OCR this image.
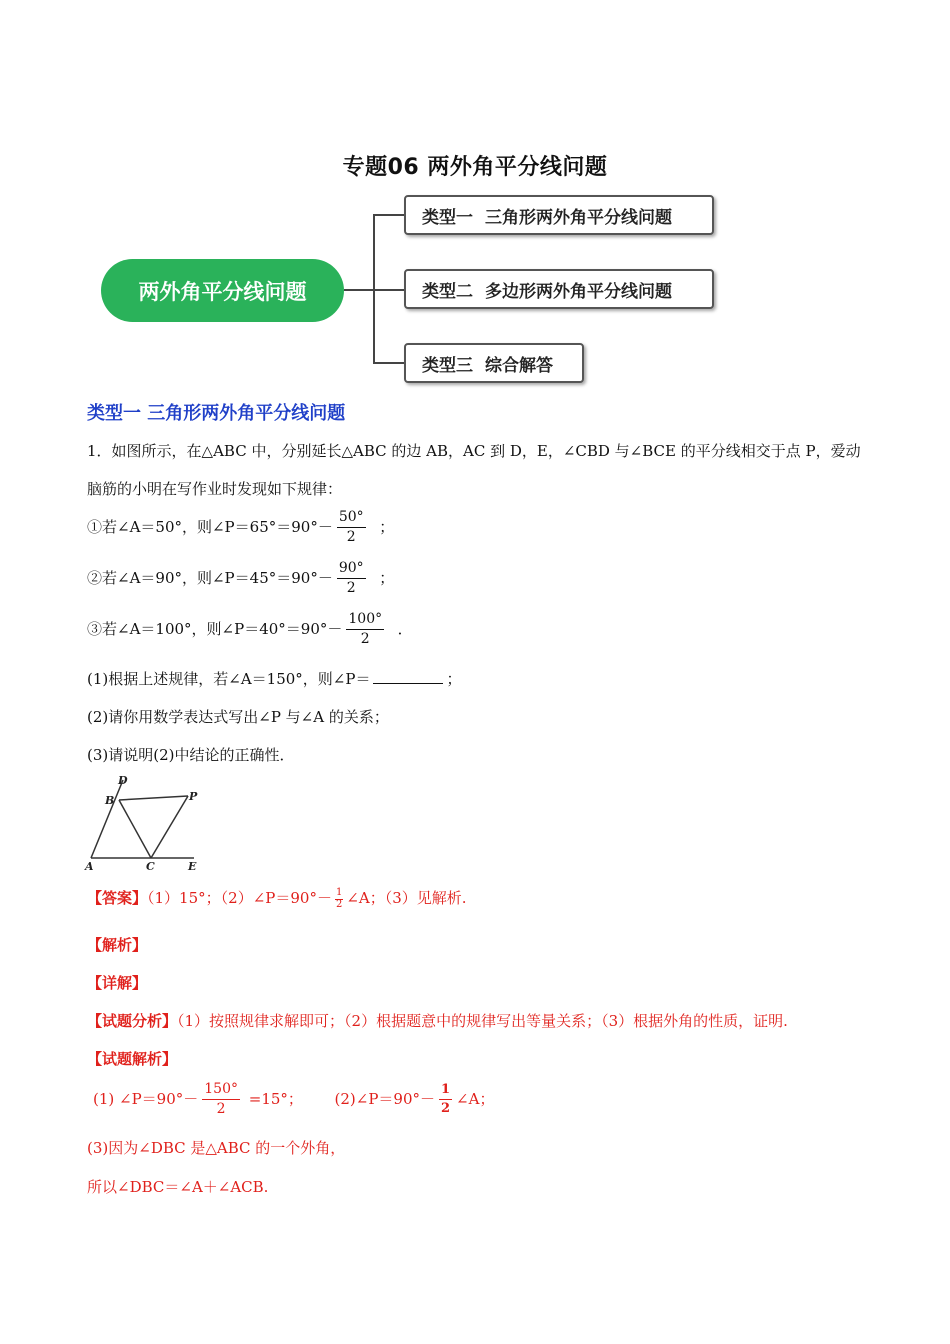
专题06 两外角平分线问题
两外角平分线问题
类型一 三角形两外角平分线问题
类型二 多边形两外角平分线问题
类型三 综合解答
类型一 三角形两外角平分线问题
1．如图所示，在△ABC 中，分别延长△ABC 的边 AB，AC 到 D，E，∠CBD 与∠BCE 的平分线相交于点 P，爱动
脑筋的小明在写作业时发现如下规律：
①若∠A＝50°，则∠P＝65°＝90°－ $\frac{50^\circ}{2}$ ；
②若∠A＝90°，则∠P＝45°＝90°－ $\frac{90^\circ}{2}$ ；
③若∠A＝100°，则∠P＝40°＝90°－ $\frac{100^\circ}{2}$ ．
(1)根据上述规律，若∠A＝150°，则∠P＝	；
(2)请你用数学表达式写出∠P 与∠A 的关系；
(3)请说明(2)中结论的正确性．
D
B	P
A	C	E
【答案】（1）15°；（2）∠P＝90°－ $\frac{1}{2}$ ∠A；（3）见解析.
【解析】
【详解】
【试题分析】（1）按照规律求解即可；（2）根据题意中的规律写出等量关系；（3）根据外角的性质，证明.
【试题解析】
(1) ∠P＝90°－ $\frac{150^\circ}{2} =15^\circ$； (2)∠P＝90°－ $\frac{1}{2}$ ∠A；
(3)因为∠DBC 是△ABC 的一个外角，
所以∠DBC＝∠A＋∠ACB.
